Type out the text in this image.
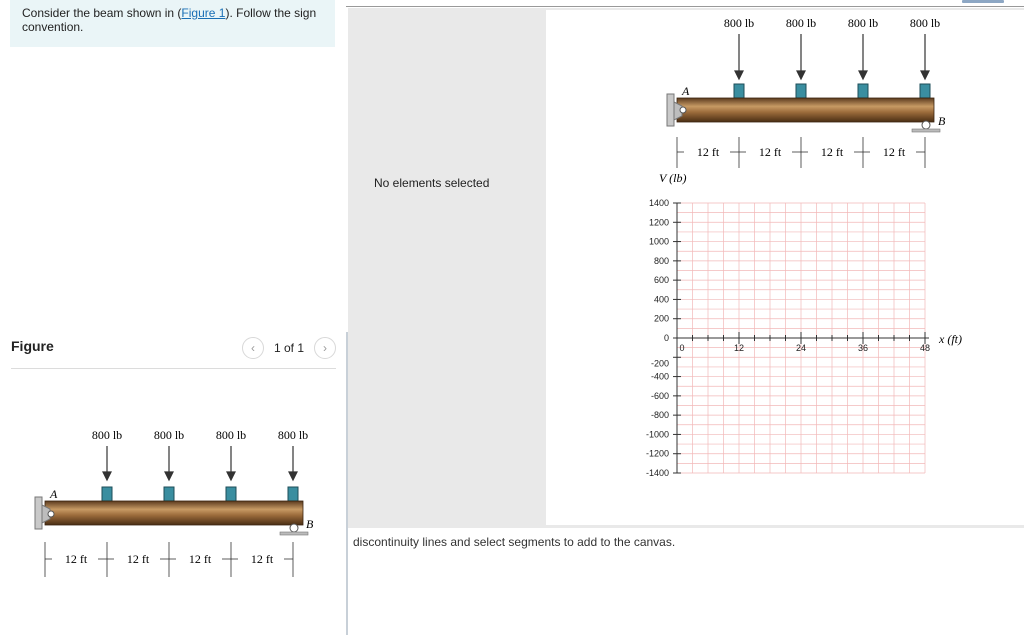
Consider the beam shown in (Figure 1). Follow the sign convention.
Figure	‹	1 of 1	›
800 lb	800 lb	800 lb	800 lb
A
B
12 ft	12 ft	12 ft	12 ft
No elements selected
800 lb	800 lb	800 lb	800 lb
A
B
12 ft	12 ft	12 ft	12 ft
V (lb)
x (ft)
1400
1200
1000
800
600
400
200
0
-200
-400
-600
-800
-1000
-1200
-1400
0	12	24	36	48
discontinuity lines and select segments to add to the canvas.
